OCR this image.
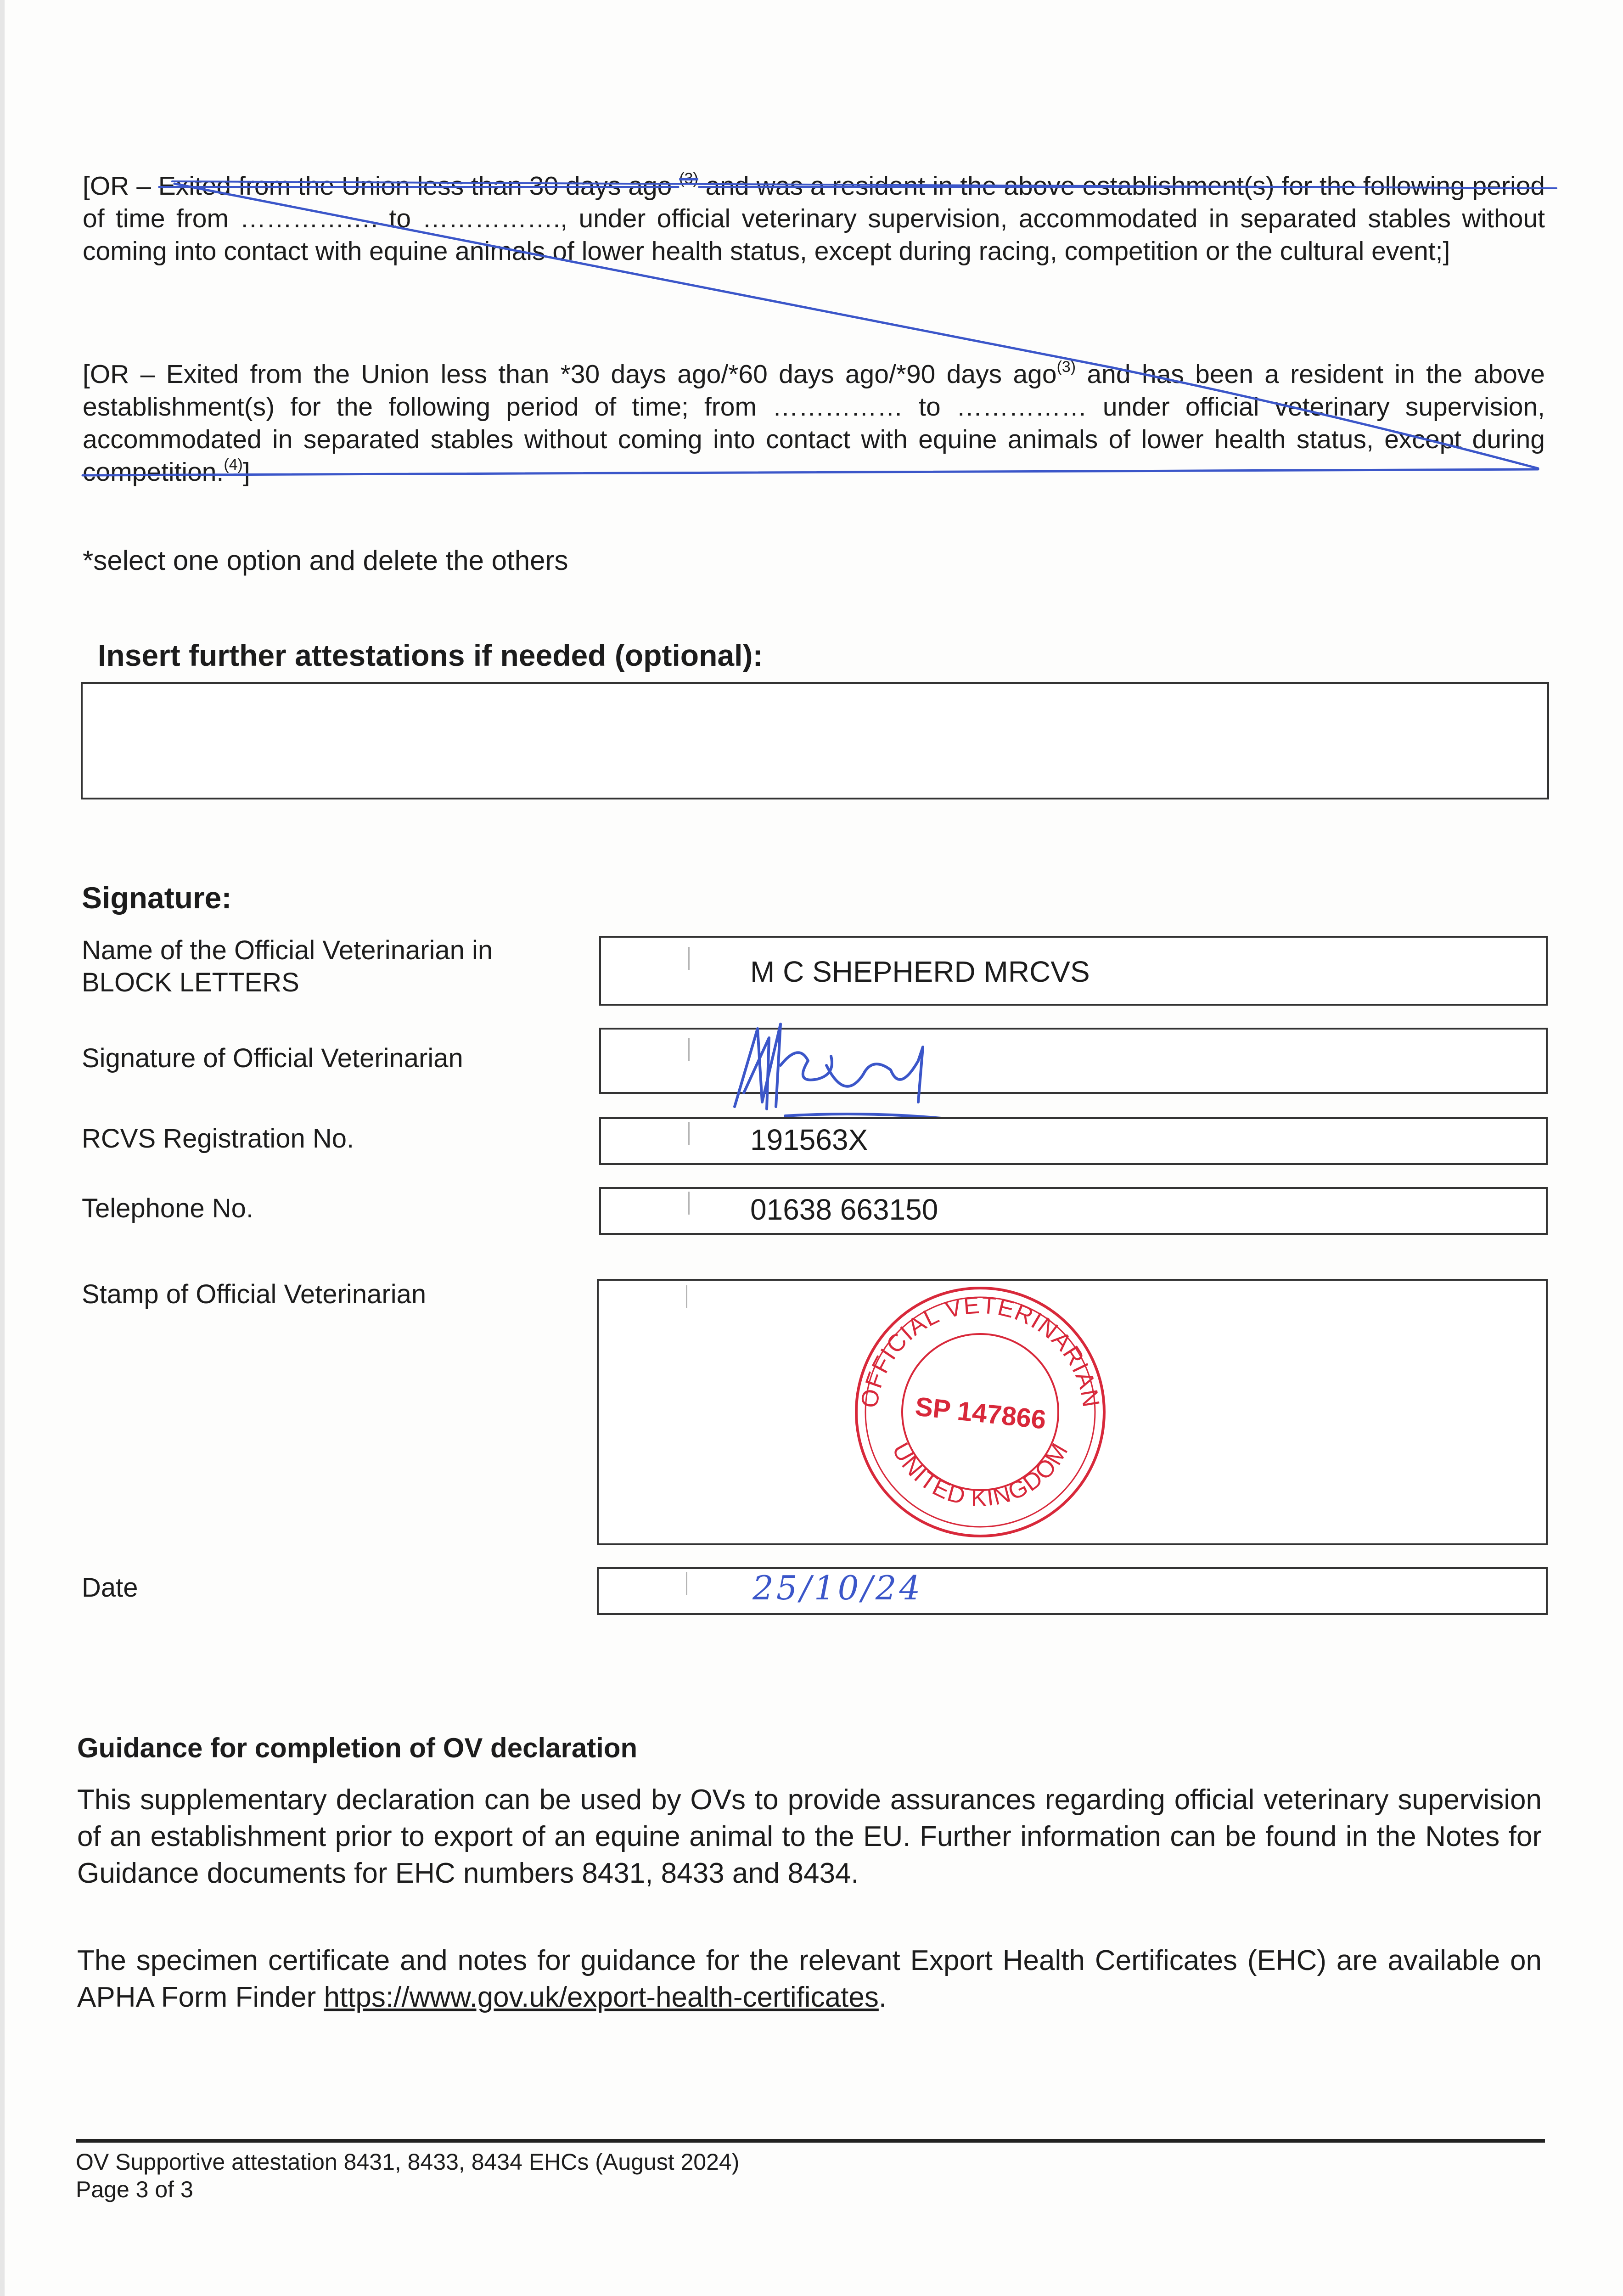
[OR – Exited from the Union less than 30 days ago $^{(3)}$ and was a resident in the above establishment(s) for the following period of time from ……………. to ……………., under official veterinary supervision, accommodated in separated stables without coming into contact with equine animals of lower health status, except during racing, competition or the cultural event;]
[OR – Exited from the Union less than *30 days ago/*60 days ago/*90 days ago$^{(3)}$ and has been a resident in the above establishment(s) for the following period of time; from …………… to …………… under official veterinary supervision, accommodated in separated stables without coming into contact with equine animals of lower health status, except during competition.$^{(4)}$]
*select one option and delete the others
Insert further attestations if needed (optional):
Signature:
Name of the Official Veterinarian in BLOCK LETTERS	M C SHEPHERD MRCVS
Signature of Official Veterinarian
RCVS Registration No.	191563X
Telephone No.	01638 663150
Stamp of Official Veterinarian
OFFICIAL VETERINARIAN
UNITED KINGDOM
SP 147866
Date	25/10/24
Guidance for completion of OV declaration
This supplementary declaration can be used by OVs to provide assurances regarding official veterinary supervision of an establishment prior to export of an equine animal to the EU. Further information can be found in the Notes for Guidance documents for EHC numbers 8431, 8433 and 8434.
The specimen certificate and notes for guidance for the relevant Export Health Certificates (EHC) are available on APHA Form Finder https://www.gov.uk/export-health-certificates.
OV Supportive attestation 8431, 8433, 8434 EHCs (August 2024)
Page 3 of 3
